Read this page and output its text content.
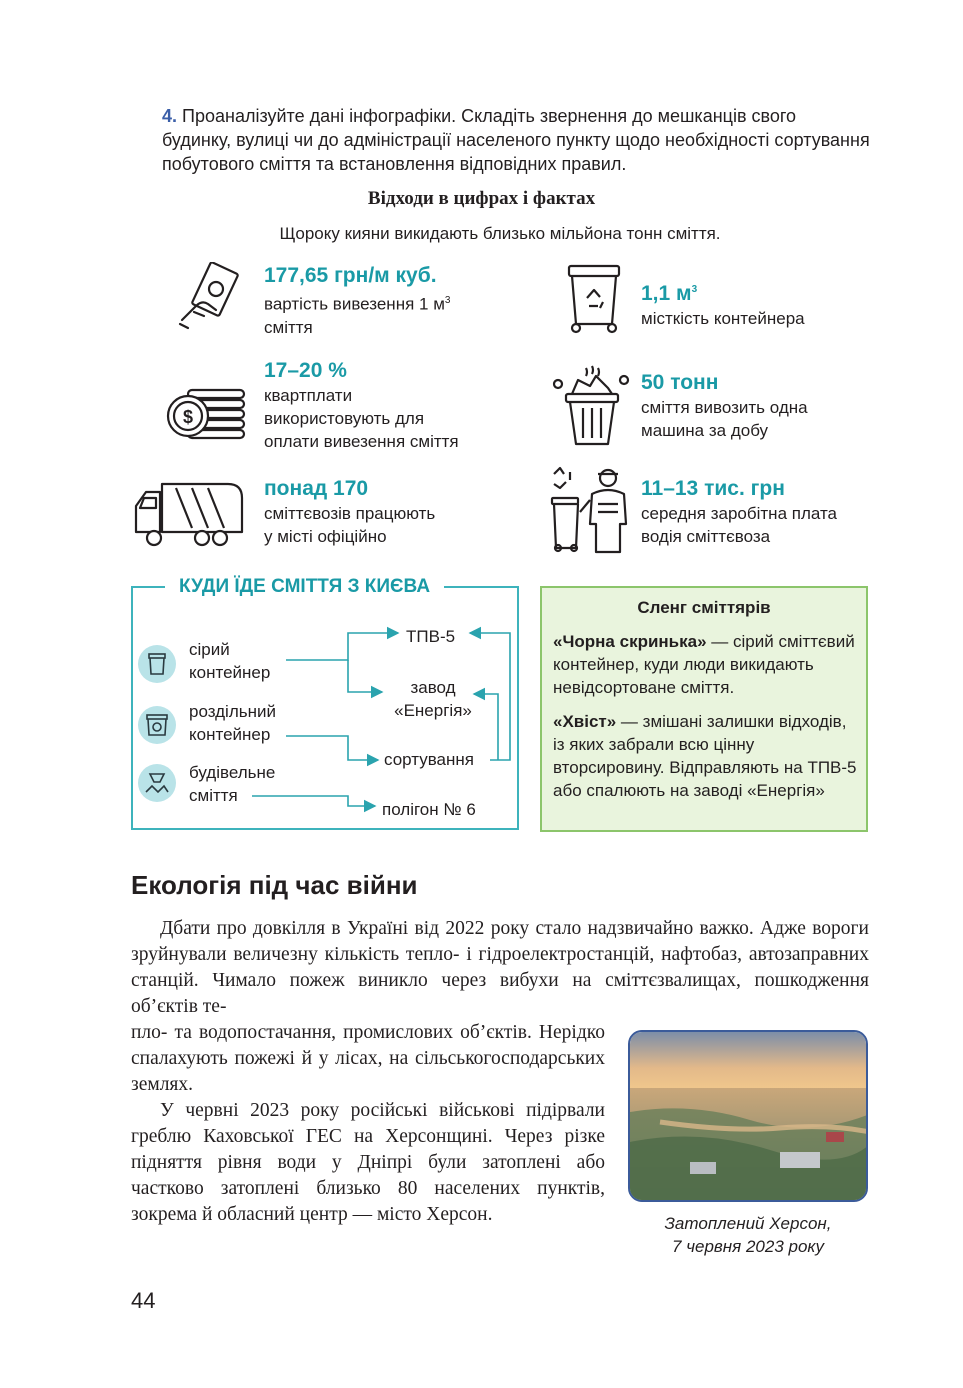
4. Проаналізуйте дані інфографіки. Складіть звернення до мешканців свого будинку, вулиці чи до адміністрації населеного пункту щодо необхідності сортування побутового сміття та встановлення відповідних правил.
Відходи в цифрах і фактах
Щороку кияни викидають близько мільйона тонн сміття.
$
177,65 грн/м куб.
вартість вивезення 1 $м^3$
сміття
1,1 $м^3$
місткість контейнера
17–20 %
квартплати
використовують для
оплати вивезення сміття
50 тонн
сміття вивозить одна
машина за добу
понад 170
сміттєвозів працюють
у місті офіційно
11–13 тис. грн
середня заробітна плата
водія сміттєвоза
КУДИ ЇДЕ СМІТТЯ З КИЄВА
сірий
контейнер
роздільний
контейнер
будівельне
сміття
ТПВ-5
завод
«Енергія»
сортування
полігон № 6
Сленг сміттярів
«Чорна скринька» — сірий сміттєвий контейнер, куди люди викидають невідсортоване сміття.
«Хвіст» — змішані залишки відходів, із яких забрали всю цінну вторсировину. Відправляють на ТПВ-5 або спалюють на заводі «Енергія»
Екологія під час війни
Дбати про довкілля в Україні від 2022 року стало надзвичайно важко. Адже вороги зруйнували величезну кількість тепло- і гідроелектростанцій, нафтобаз, автозаправних станцій. Чимало пожеж виникло через вибухи на сміттєзвалищах, пошкодження об’єктів те-
пло- та водопостачання, промислових об’єктів. Нерідко спалахують пожежі й у лісах, на сільськогосподарських землях.
У червні 2023 року російські військові підірвали греблю Каховської ГЕС на Херсонщині. Через різке підняття рівня води у Дніпрі були затоплені або частково затоплені близько 80 населених пунктів, зокрема й обласний центр — місто Херсон.	Затоплений Херсон,
7 червня 2023 року
44
